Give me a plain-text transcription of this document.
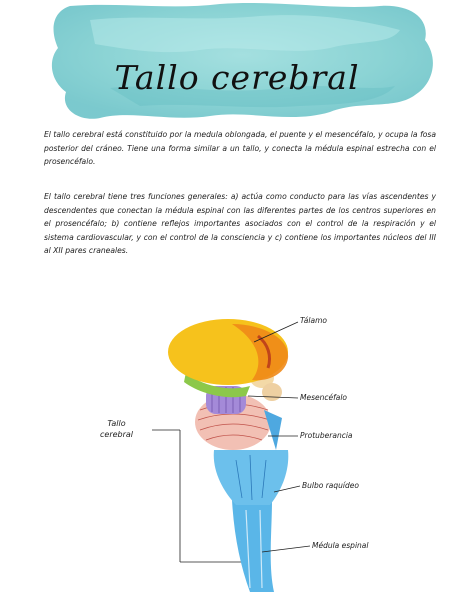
Tallo cerebral
El tallo cerebral está constituido por la medula oblongada, el puente y el mesencéfalo, y ocupa la fosa posterior del cráneo. Tiene una forma similar a un tallo, y conecta la médula espinal estrecha con el prosencéfalo.
El tallo cerebral tiene tres funciones generales: a) actúa como conducto para las vías ascendentes y descendentes que conectan la médula espinal con las diferentes partes de los centros superiores en el prosencéfalo; b) contiene reflejos importantes asociados con el control de la respiración y el sistema cardiovascular, y con el control de la consciencia y c) contiene los importantes núcleos del III al XII pares craneales.
Tallo
cerebral
Tálamo
Mesencéfalo
Protuberancia
Bulbo raquídeo
Médula espinal
